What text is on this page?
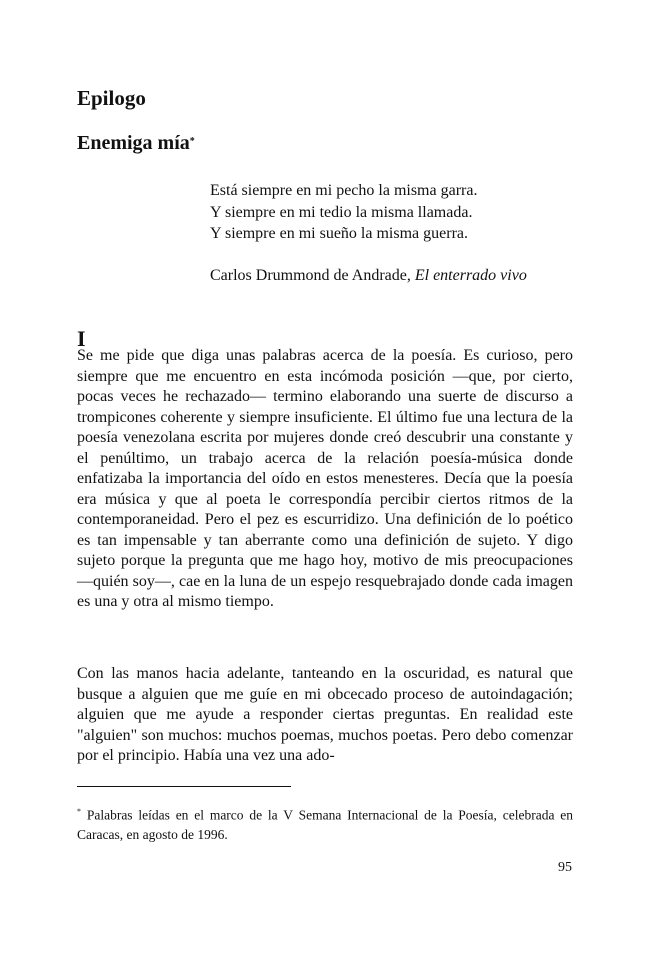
Epilogo
Enemiga mía*
Está siempre en mi pecho la misma garra.
Y siempre en mi tedio la misma llamada.
Y siempre en mi sueño la misma guerra.
Carlos Drummond de Andrade, El enterrado vivo
I

Se me pide que diga unas palabras acerca de la poesía. Es curioso, pero siempre que me encuentro en esta incómoda posición —que, por cierto, pocas veces he rechazado— termino elaborando una suerte de discurso a trompicones coherente y siempre insuficiente. El último fue una lectura de la poesía venezolana escrita por mujeres donde creó descubrir una constante y el penúltimo, un trabajo acerca de la relación poesía-música donde enfatizaba la importancia del oído en estos menesteres. Decía que la poesía era música y que al poeta le correspondía percibir ciertos ritmos de la contemporaneidad. Pero el pez es escurridizo. Una definición de lo poético es tan impensable y tan aberrante como una definición de sujeto. Y digo sujeto porque la pregunta que me hago hoy, motivo de mis preocupaciones —quién soy—, cae en la luna de un espejo resquebrajado donde cada imagen es una y otra al mismo tiempo.

Con las manos hacia adelante, tanteando en la oscuridad, es natural que busque a alguien que me guíe en mi obcecado proceso de autoindagación; alguien que me ayude a responder ciertas preguntas. En realidad este "alguien" son muchos: muchos poemas, muchos poetas. Pero debo comenzar por el principio. Había una vez una ado-

* Palabras leídas en el marco de la V Semana Internacional de la Poesía, celebrada en Caracas, en agosto de 1996.

95
